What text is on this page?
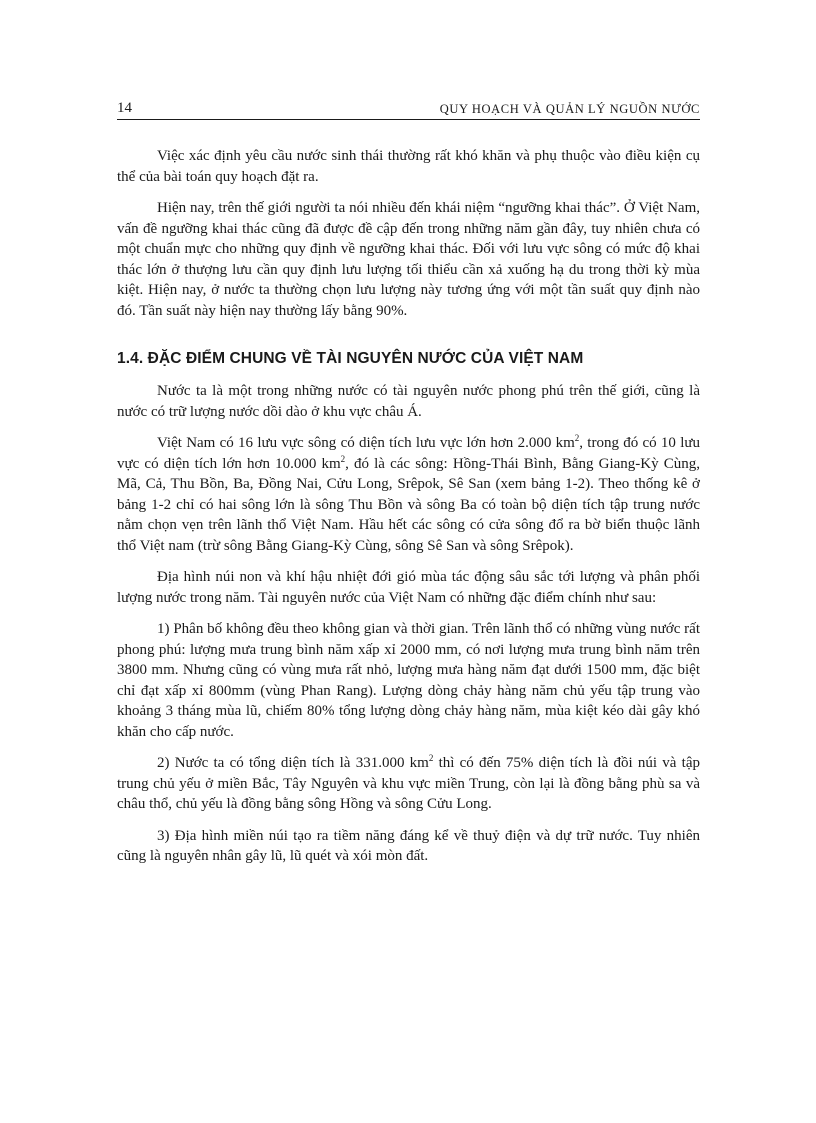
14	QUY HOẠCH VÀ QUẢN LÝ NGUỒN NƯỚC

Việc xác định yêu cầu nước sinh thái thường rất khó khăn và phụ thuộc vào điều kiện cụ thể của bài toán quy hoạch đặt ra.

Hiện nay, trên thế giới người ta nói nhiều đến khái niệm “ngưỡng khai thác”. Ở Việt Nam, vấn đề ngưỡng khai thác cũng đã được đề cập đến trong những năm gần đây, tuy nhiên chưa có một chuẩn mực cho những quy định về ngưỡng khai thác. Đối với lưu vực sông có mức độ khai thác lớn ở thượng lưu cần quy định lưu lượng tối thiểu cần xả xuống hạ du trong thời kỳ mùa kiệt. Hiện nay, ở nước ta thường chọn lưu lượng này tương ứng với một tần suất quy định nào đó. Tần suất này hiện nay thường lấy bằng 90%.

1.4. ĐẶC ĐIỂM CHUNG VỀ TÀI NGUYÊN NƯỚC CỦA VIỆT NAM

Nước ta là một trong những nước có tài nguyên nước phong phú trên thế giới, cũng là nước có trữ lượng nước dồi dào ở khu vực châu Á.

Việt Nam có 16 lưu vực sông có diện tích lưu vực lớn hơn 2.000 $km^2$, trong đó có 10 lưu vực có diện tích lớn hơn 10.000 $km^2$, đó là các sông: Hồng-Thái Bình, Bằng Giang-Kỳ Cùng, Mã, Cả, Thu Bồn, Ba, Đồng Nai, Cửu Long, Srêpok, Sê San (xem bảng 1-2). Theo thống kê ở bảng 1-2 chỉ có hai sông lớn là sông Thu Bồn và sông Ba có toàn bộ diện tích tập trung nước nằm chọn vẹn trên lãnh thổ Việt Nam. Hầu hết các sông có cửa sông đổ ra bờ biển thuộc lãnh thổ Việt nam (trừ sông Bằng Giang-Kỳ Cùng, sông Sê San và sông Srêpok).

Địa hình núi non và khí hậu nhiệt đới gió mùa tác động sâu sắc tới lượng và phân phối lượng nước trong năm. Tài nguyên nước của Việt Nam có những đặc điểm chính như sau:

1) Phân bố không đều theo không gian và thời gian. Trên lãnh thổ có những vùng nước rất phong phú: lượng mưa trung bình năm xấp xỉ 2000 mm, có nơi lượng mưa trung bình năm trên 3800 mm. Nhưng cũng có vùng mưa rất nhỏ, lượng mưa hàng năm đạt dưới 1500 mm, đặc biệt chỉ đạt xấp xỉ 800mm (vùng Phan Rang). Lượng dòng chảy hàng năm chủ yếu tập trung vào khoảng 3 tháng mùa lũ, chiếm 80% tổng lượng dòng chảy hàng năm, mùa kiệt kéo dài gây khó khăn cho cấp nước.

2) Nước ta có tổng diện tích là 331.000 $km^2$ thì có đến 75% diện tích là đồi núi và tập trung chủ yếu ở miền Bắc, Tây Nguyên và khu vực miền Trung, còn lại là đồng bằng phù sa và châu thổ, chủ yếu là đồng bằng sông Hồng và sông Cửu Long.

3) Địa hình miền núi tạo ra tiềm năng đáng kể về thuỷ điện và dự trữ nước. Tuy nhiên cũng là nguyên nhân gây lũ, lũ quét và xói mòn đất.
